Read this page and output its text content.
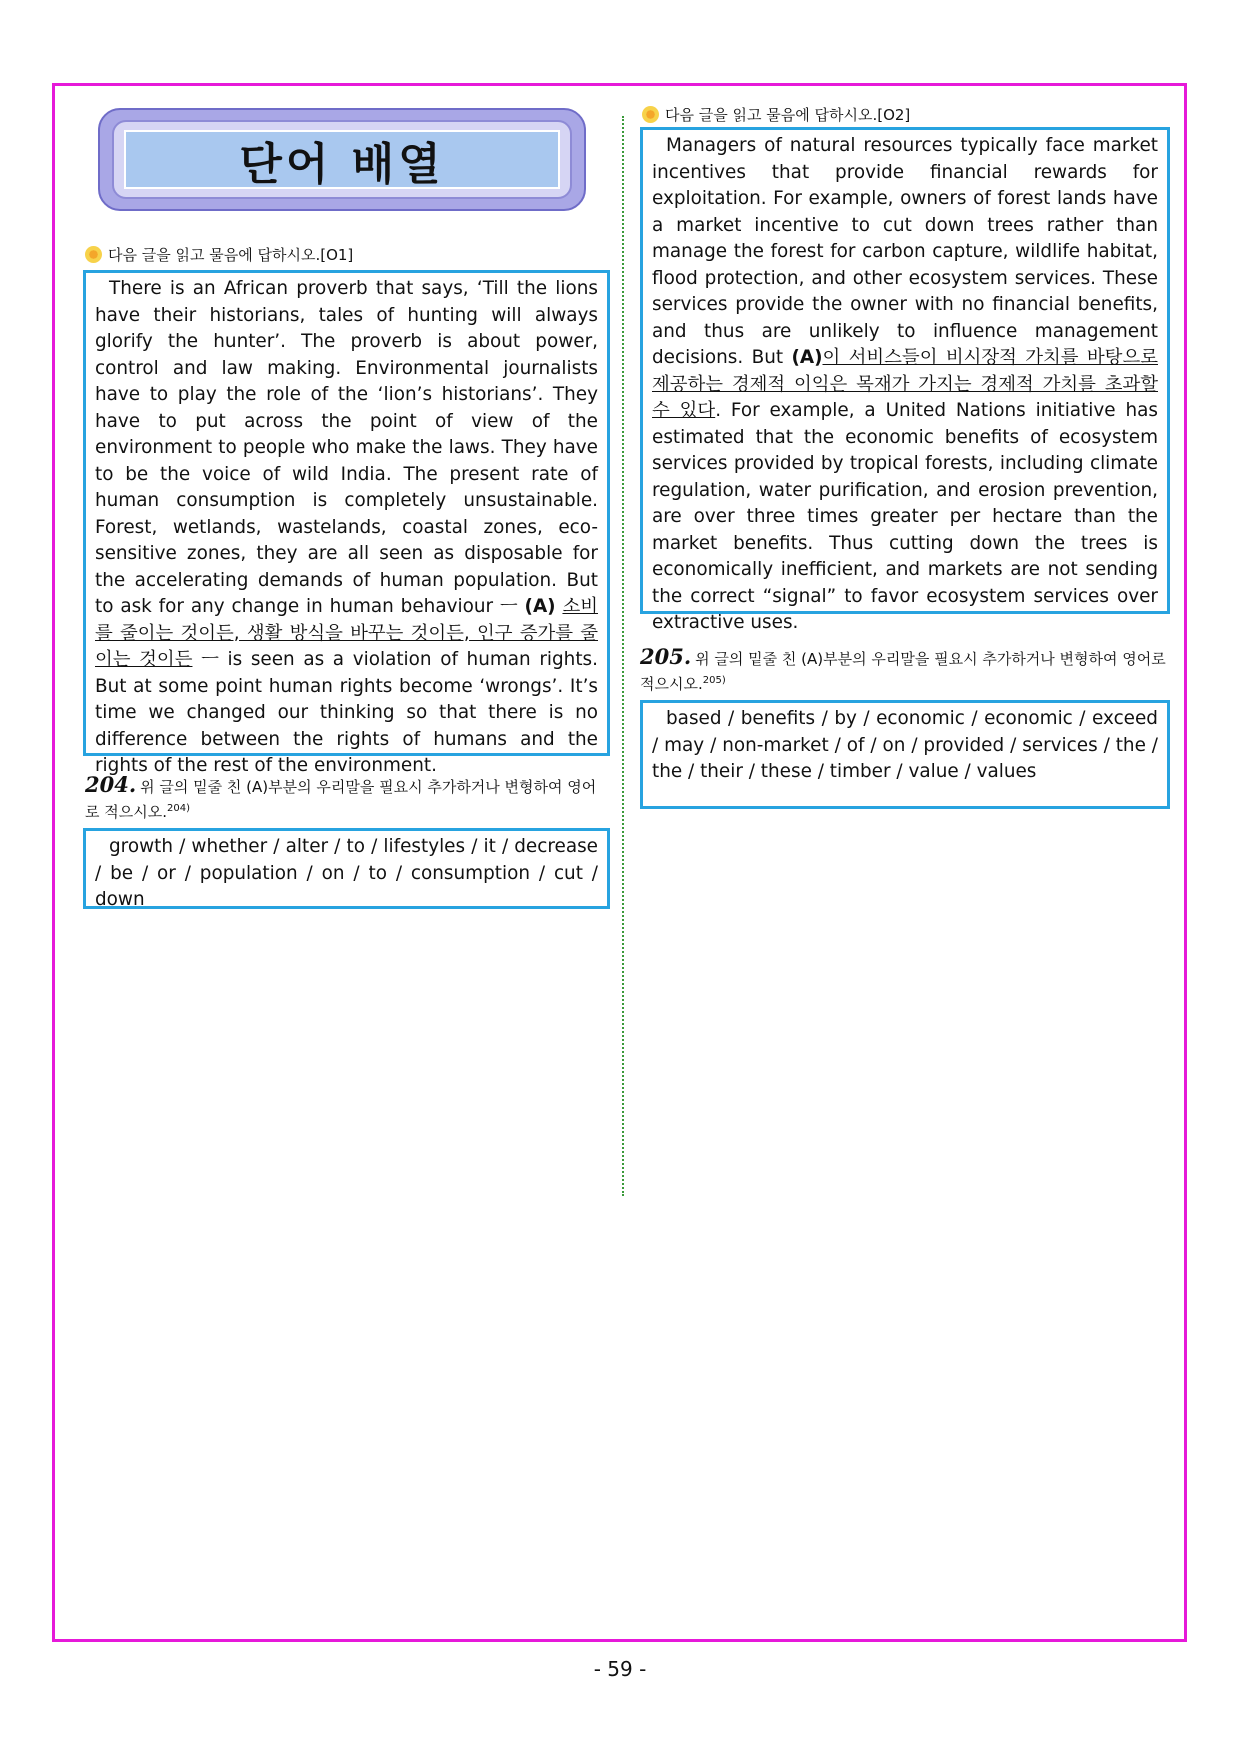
단어 배열
다음 글을 읽고 물음에 답하시오.[O1]

There is an African proverb that says, ‘Till the lions have their historians, tales of hunting will always glorify the hunter’. The proverb is about power, control and law making. Environmental journalists have to play the role of the ‘lion’s historians’. They have to put across the point of view of the environment to people who make the laws. They have to be the voice of wild India. The present rate of human consumption is completely unsustainable. Forest, wetlands, wastelands, coastal zones, eco-sensitive zones, they are all seen as disposable for the accelerating demands of human population. But to ask for any change in human behaviour ㅡ (A) 소비를 줄이는 것이든, 생활 방식을 바꾸는 것이든, 인구 증가를 줄이는 것이든 ㅡ is seen as a violation of human rights. But at some point human rights become ‘wrongs’. It’s time we changed our thinking so that there is no difference between the rights of humans and the rights of the rest of the environment.

204. 위 글의 밑줄 친 (A)부분의 우리말을 필요시 추가하거나 변형하여 영어로 적으시오.$^{204)}$

growth / whether / alter / to / lifestyles / it / decrease / be / or / population / on / to / consumption / cut / down

다음 글을 읽고 물음에 답하시오.[O2]

Managers of natural resources typically face market incentives that provide financial rewards for exploitation. For example, owners of forest lands have a market incentive to cut down trees rather than manage the forest for carbon capture, wildlife habitat, flood protection, and other ecosystem services. These services provide the owner with no financial benefits, and thus are unlikely to influence management decisions. But (A)이 서비스들이 비시장적 가치를 바탕으로 제공하는 경제적 이익은 목재가 가지는 경제적 가치를 초과할 수 있다. For example, a United Nations initiative has estimated that the economic benefits of ecosystem services provided by tropical forests, including climate regulation, water purification, and erosion prevention, are over three times greater per hectare than the market benefits. Thus cutting down the trees is economically inefficient, and markets are not sending the correct “signal” to favor ecosystem services over extractive uses.

205. 위 글의 밑줄 친 (A)부분의 우리말을 필요시 추가하거나 변형하여 영어로 적으시오.$^{205)}$

based / benefits / by / economic / economic / exceed / may / non-market / of / on / provided / services / the / the / their / these / timber / value / values

- 59 -
